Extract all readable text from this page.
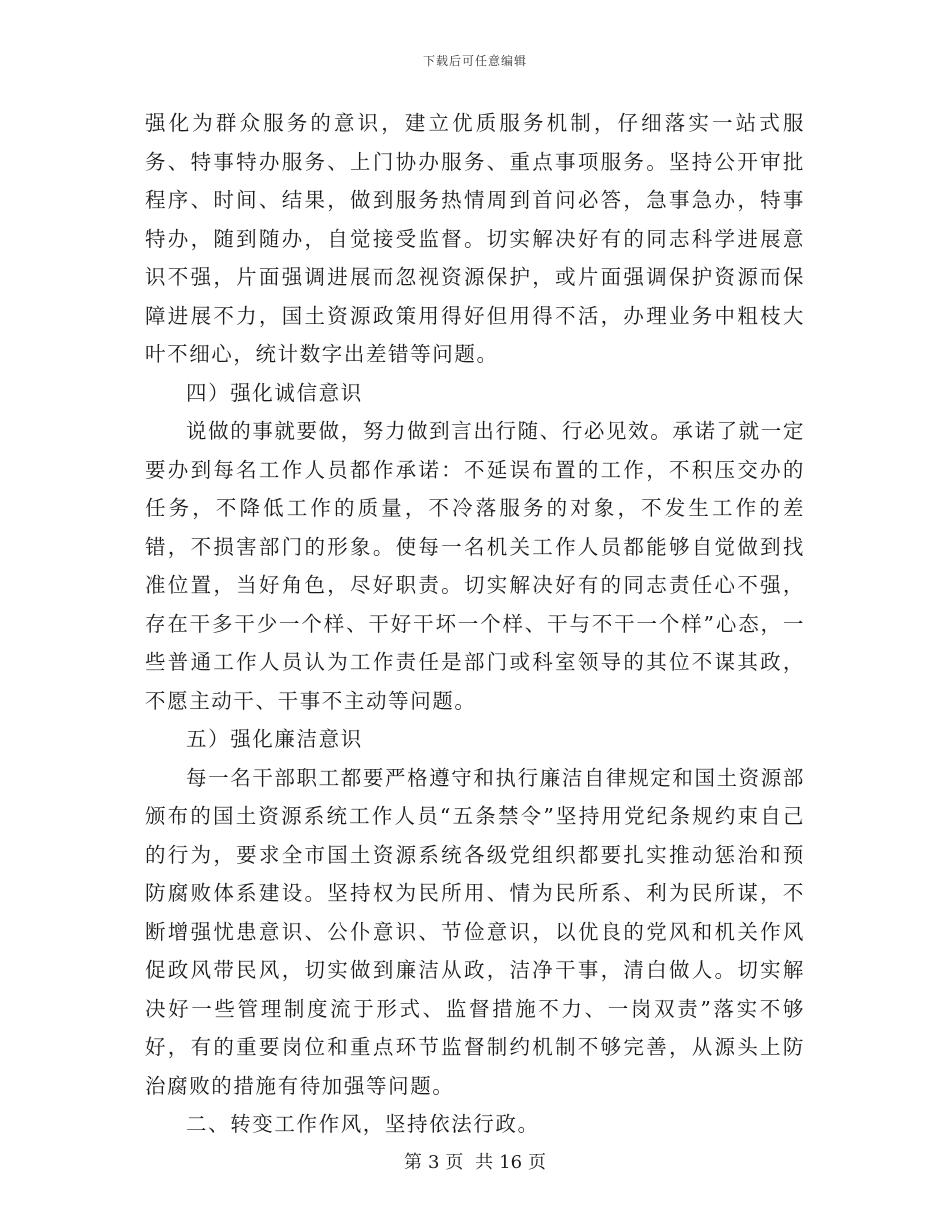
下载后可任意编辑

强化为群众服务的意识，建立优质服务机制，仔细落实一站式服务、特事特办服务、上门协办服务、重点事项服务。坚持公开审批程序、时间、结果，做到服务热情周到首问必答，急事急办，特事特办，随到随办，自觉接受监督。切实解决好有的同志科学进展意识不强，片面强调进展而忽视资源保护，或片面强调保护资源而保障进展不力，国土资源政策用得好但用得不活，办理业务中粗枝大叶不细心，统计数字出差错等问题。

四）强化诚信意识

说做的事就要做，努力做到言出行随、行必见效。承诺了就一定要办到每名工作人员都作承诺：不延误布置的工作，不积压交办的任务，不降低工作的质量，不冷落服务的对象，不发生工作的差错，不损害部门的形象。使每一名机关工作人员都能够自觉做到找准位置，当好角色，尽好职责。切实解决好有的同志责任心不强，存在干多干少一个样、干好干坏一个样、干与不干一个样”心态，一些普通工作人员认为工作责任是部门或科室领导的其位不谋其政，不愿主动干、干事不主动等问题。

五）强化廉洁意识

每一名干部职工都要严格遵守和执行廉洁自律规定和国土资源部颁布的国土资源系统工作人员“五条禁令”坚持用党纪条规约束自己的行为，要求全市国土资源系统各级党组织都要扎实推动惩治和预防腐败体系建设。坚持权为民所用、情为民所系、利为民所谋，不断增强忧患意识、公仆意识、节俭意识，以优良的党风和机关作风促政风带民风，切实做到廉洁从政，洁净干事，清白做人。切实解决好一些管理制度流于形式、监督措施不力、一岗双责”落实不够好，有的重要岗位和重点环节监督制约机制不够完善，从源头上防治腐败的措施有待加强等问题。

二、转变工作作风，坚持依法行政。

第 3 页 共 16 页
